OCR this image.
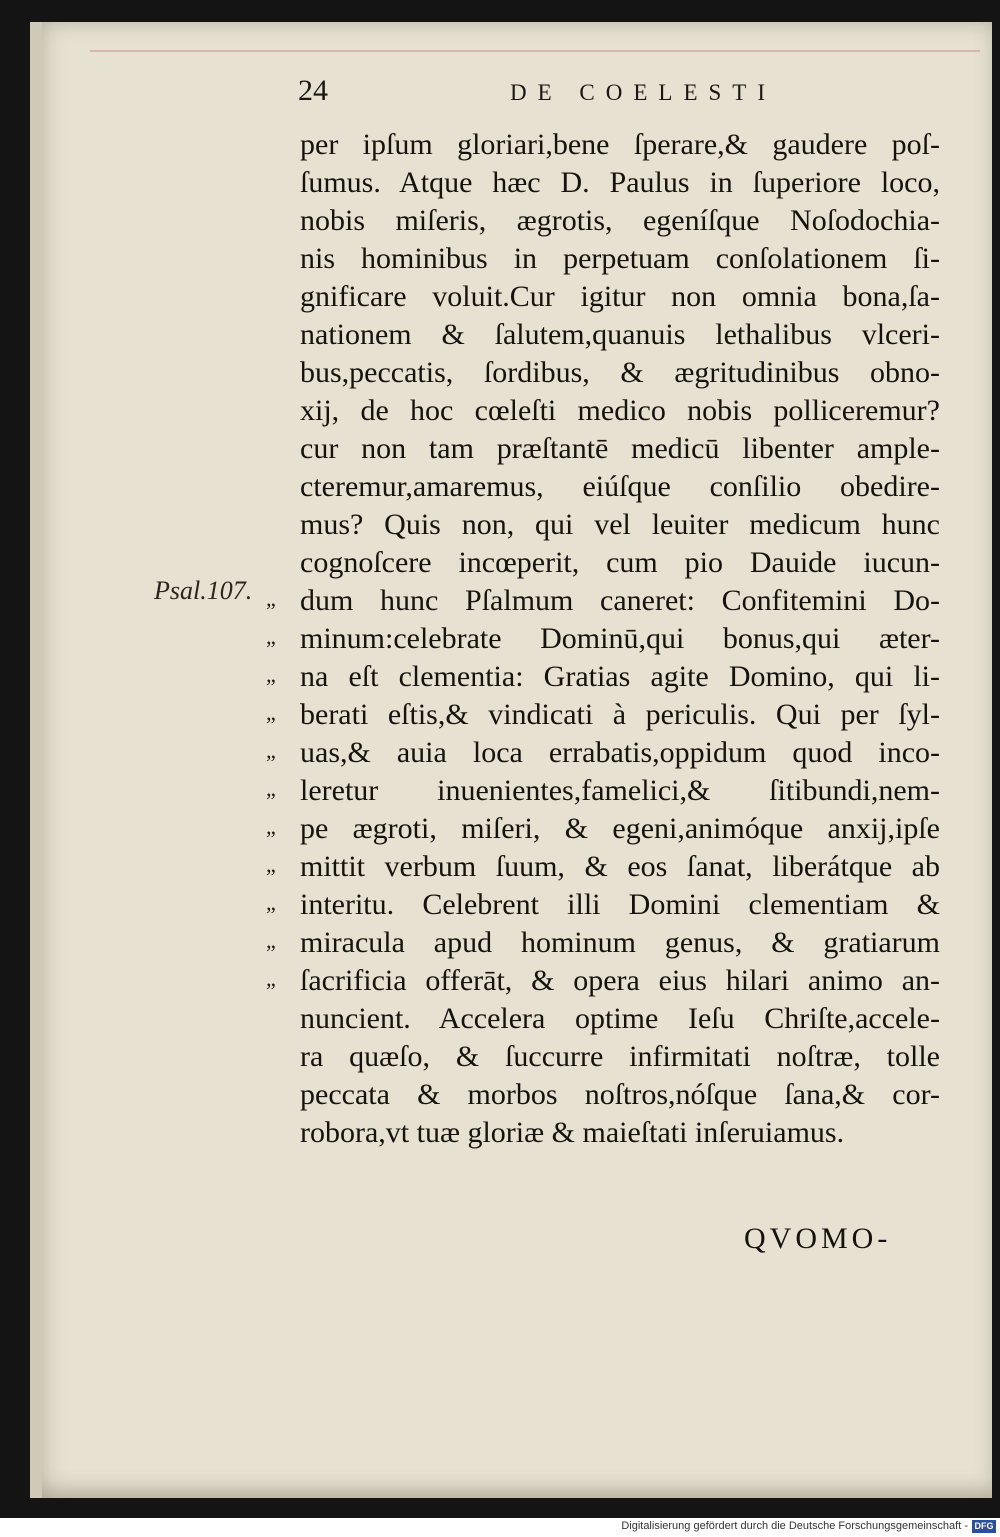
24	DE COELESTI
Psal.107. „
„
„
„
„
„
„
„
„
„
„
per ipſum gloriari,bene ſperare,& gaudere poſ-
ſumus. Atque hæc D. Paulus in ſuperiore loco,
nobis miſeris, ægrotis, egeníſque Noſodochia-
nis hominibus in perpetuam conſolationem ſi-
gnificare voluit.Cur igitur non omnia bona,ſa-
nationem & ſalutem,quanuis lethalibus vlceri-
bus,peccatis, ſordibus, & ægritudinibus obno-
xij, de hoc cœleſti medico nobis polliceremur?
cur non tam præſtantē medicū libenter ample-
cteremur,amaremus, eiúſque conſilio obedire-
mus? Quis non, qui vel leuiter medicum hunc
cognoſcere incœperit, cum pio Dauide iucun-
dum hunc Pſalmum caneret: Confitemini Do-
minum:celebrate Dominū,qui bonus,qui æter-
na eſt clementia: Gratias agite Domino, qui li-
berati eſtis,& vindicati à periculis. Qui per ſyl-
uas,& auia loca errabatis,oppidum quod inco-
leretur inuenientes,famelici,& ſitibundi,nem-
pe ægroti, miſeri, & egeni,animóque anxij,ipſe
mittit verbum ſuum, & eos ſanat, liberátque ab
interitu. Celebrent illi Domini clementiam &
miracula apud hominum genus, & gratiarum
ſacrificia offerāt, & opera eius hilari animo an-
nuncient. Accelera optime Ieſu Chriſte,accele-
ra quæſo, & ſuccurre infirmitati noſtræ, tolle
peccata & morbos noſtros,nóſque ſana,& cor-
robora,vt tuæ gloriæ & maieſtati inſeruiamus.
QVOMO-
Digitalisierung gefördert durch die Deutsche Forschungsgemeinschaft - DFG
